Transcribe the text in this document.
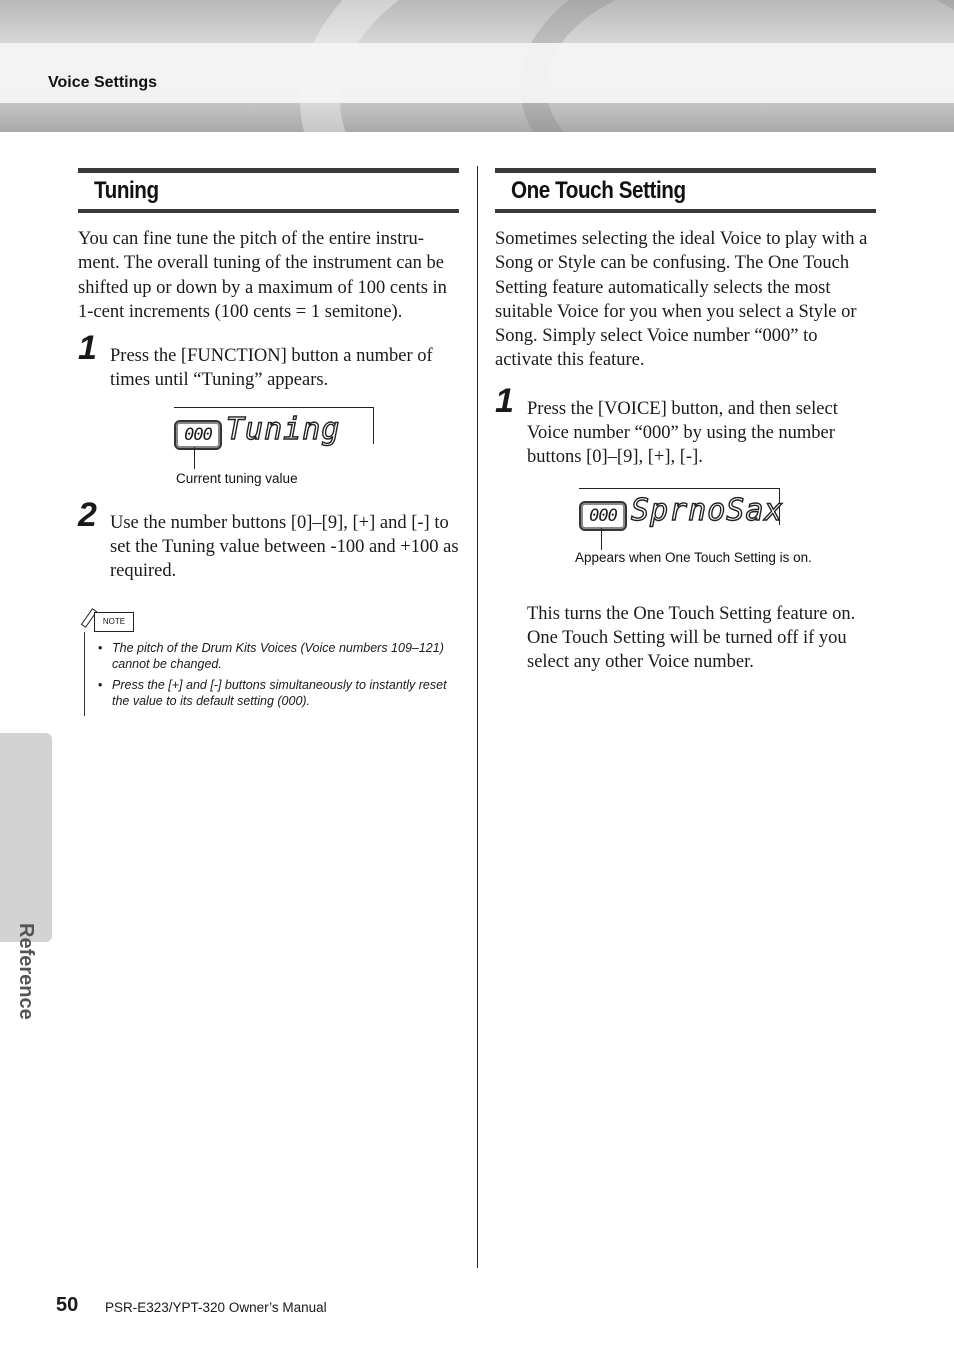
Voice Settings
Tuning

You can fine tune the pitch of the entire instru-ment. The overall tuning of the instrument can be shifted up or down by a maximum of 100 cents in 1-cent increments (100 cents = 1 semitone).

1 Press the [FUNCTION] button a number of times until “Tuning” appears.
000 Tuning
Current tuning value
2 Use the number buttons [0]–[9], [+] and [-] to set the Tuning value between -100 and +100 as required.
NOTE
• The pitch of the Drum Kits Voices (Voice numbers 109–121) cannot be changed.
• Press the [+] and [-] buttons simultaneously to instantly reset the value to its default setting (000).
One Touch Setting

Sometimes selecting the ideal Voice to play with a Song or Style can be confusing. The One Touch Setting feature automatically selects the most suitable Voice for you when you select a Style or Song. Simply select Voice number “000” to activate this feature.

1 Press the [VOICE] button, and then select Voice number “000” by using the number buttons [0]–[9], [+], [-].
000 SprnoSax
Appears when One Touch Setting is on.

This turns the One Touch Setting feature on. One Touch Setting will be turned off if you select any other Voice number.

Reference
50 PSR-E323/YPT-320 Owner’s Manual
